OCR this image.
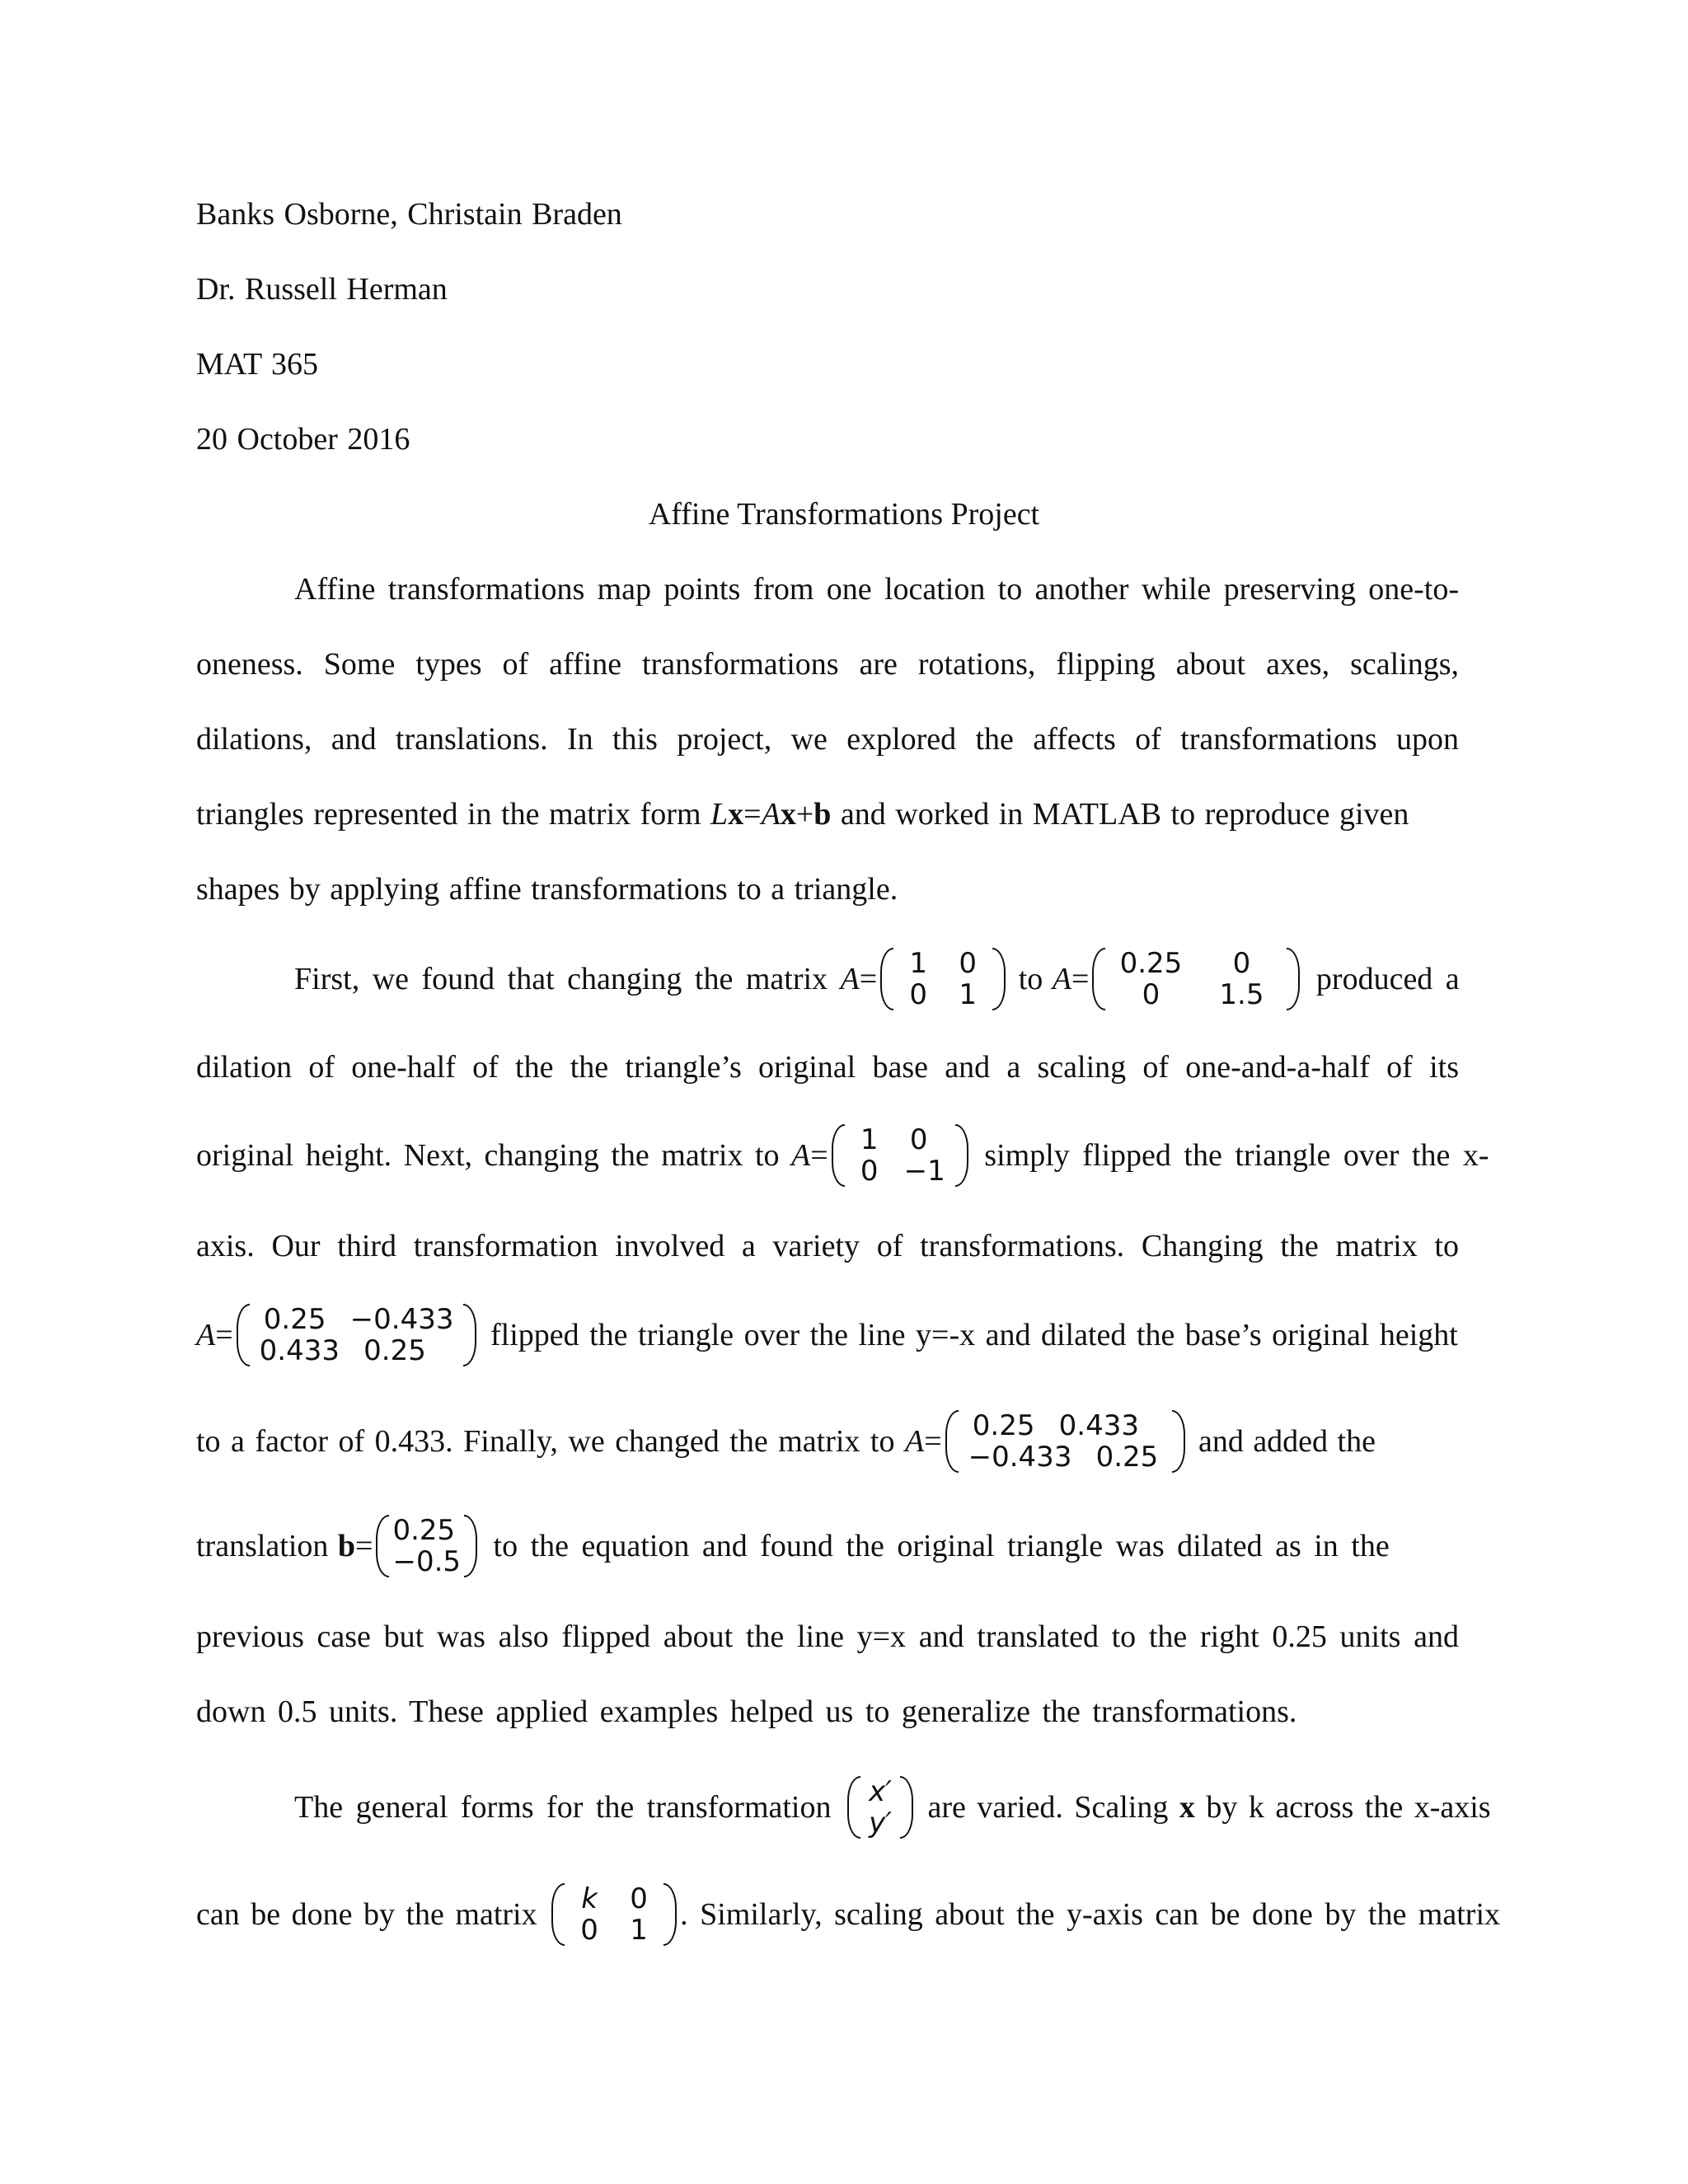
Banks Osborne, Christain Braden
Dr. Russell Herman
MAT 365
20 October 2016
Affine Transformations Project
Affine transformations map points from one location to another while preserving one-to-
oneness. Some types of affine transformations are rotations, flipping about axes, scalings,
dilations, and translations. In this project, we explored the affects of transformations upon
triangles represented in the matrix form Lx=Ax+b and worked in MATLAB to reproduce given
shapes by applying affine transformations to a triangle.
First, we found that changing the matrix A =	1	0
0	1	to A =	0.25	0
0	1.5	produced a
dilation of one-half of the the triangle’s original base and a scaling of one-and-a-half of its
original height. Next, changing the matrix to A =	1	0
0 −1 simply flipped the triangle over the x-
axis. Our third transformation involved a variety of transformations. Changing the matrix to
A =	0.25 −0.433
0.433 0.25	flipped the triangle over the line y=-x and dilated the base’s original height
to a factor of 0.433. Finally, we changed the matrix to A =	0.25 0.433
−0.433 0.25 and added the
translation b = 0.25
−0.5 to the equation and found the original triangle was dilated as in the
previous case but was also flipped about the line y=x and translated to the right 0.25 units and
down 0.5 units. These applied examples helped us to generalize the transformations.
The general forms for the transformation x′
y′ are varied. Scaling x by k across the x-axis
can be done by the matrix	k	0
0	1	. Similarly, scaling about the y-axis can be done by the matrix
